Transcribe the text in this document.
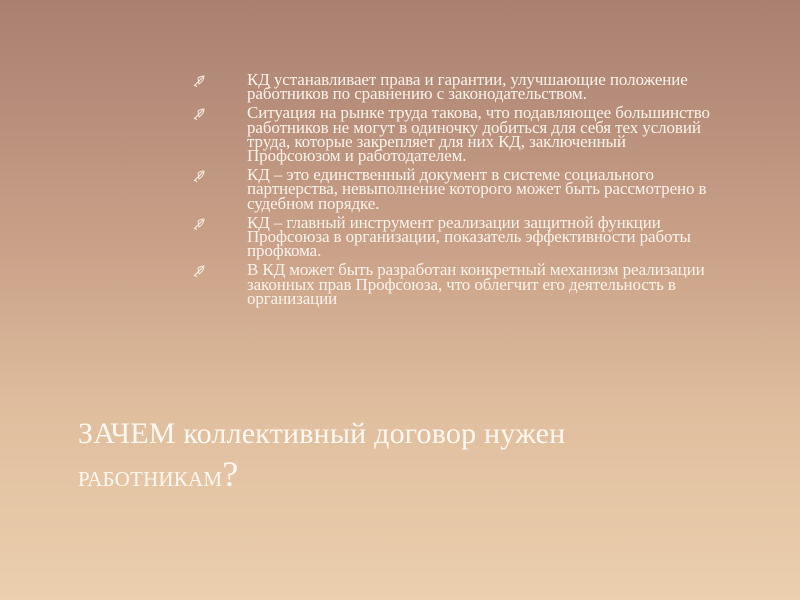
КД устанавливает права и гарантии, улучшающие положение работников по сравнению с законодательством.
Ситуация на рынке труда такова, что подавляющее большинство работников не могут в одиночку добиться для себя тех условий труда, которые закрепляет для них КД, заключенный Профсоюзом и работодателем.
КД – это единственный документ в системе социального партнерства, невыполнение которого может быть рассмотрено в судебном порядке.
КД – главный инструмент реализации защитной функции Профсоюза в организации, показатель эффективности работы профкома.
В КД может быть разработан конкретный механизм реализации законных прав Профсоюза, что облегчит его деятельность в организации
ЗАЧЕМ коллективный договор нужен
работникам?
